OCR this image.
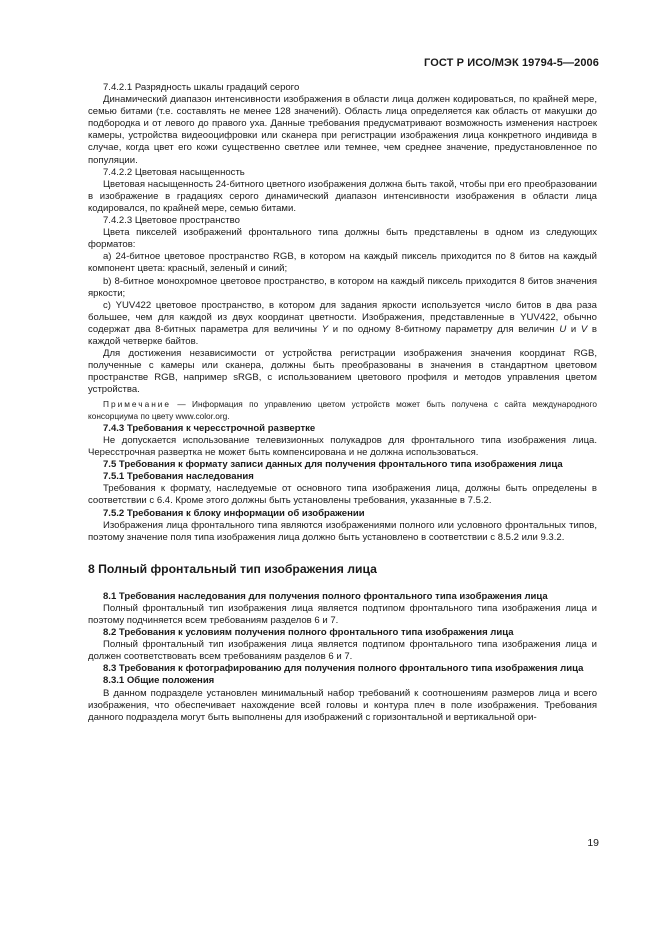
ГОСТ Р ИСО/МЭК 19794-5—2006

7.4.2.1 Разрядность шкалы градаций серого

Динамический диапазон интенсивности изображения в области лица должен кодироваться, по крайней мере, семью битами (т.е. составлять не менее 128 значений). Область лица определяется как область от макушки до подбородка и от левого до правого уха. Данные требования предусматривают возможность изменения настроек камеры, устройства видеооцифровки или сканера при регистрации изображения лица конкретного индивида в случае, когда цвет его кожи существенно светлее или темнее, чем среднее значение, предустановленное по популяции.

7.4.2.2 Цветовая насыщенность

Цветовая насыщенность 24-битного цветного изображения должна быть такой, чтобы при его преобразовании в изображение в градациях серого динамический диапазон интенсивности изображения в области лица кодировался, по крайней мере, семью битами.

7.4.2.3 Цветовое пространство

Цвета пикселей изображений фронтального типа должны быть представлены в одном из следующих форматов:

а) 24-битное цветовое пространство RGB, в котором на каждый пиксель приходится по 8 битов на каждый компонент цвета: красный, зеленый и синий;

b) 8-битное монохромное цветовое пространство, в котором на каждый пиксель приходится 8 битов значения яркости;

c) YUV422 цветовое пространство, в котором для задания яркости используется число битов в два раза большее, чем для каждой из двух координат цветности. Изображения, представленные в YUV422, обычно содержат два 8-битных параметра для величины Y и по одному 8-битному параметру для величин U и V в каждой четверке байтов.

Для достижения независимости от устройства регистрации изображения значения координат RGB, полученные с камеры или сканера, должны быть преобразованы в значения в стандартном цветовом пространстве RGB, например sRGB, с использованием цветового профиля и методов управления цветом устройства.

Примечание — Информация по управлению цветом устройств может быть получена с сайта международного консорциума по цвету www.color.org.

7.4.3 Требования к чересстрочной развертке

Не допускается использование телевизионных полукадров для фронтального типа изображения лица. Чересстрочная развертка не может быть компенсирована и не должна использоваться.

7.5 Требования к формату записи данных для получения фронтального типа изображения лица

7.5.1 Требования наследования

Требования к формату, наследуемые от основного типа изображения лица, должны быть определены в соответствии с 6.4. Кроме этого должны быть установлены требования, указанные в 7.5.2.

7.5.2 Требования к блоку информации об изображении

Изображения лица фронтального типа являются изображениями полного или условного фронтальных типов, поэтому значение поля типа изображения лица должно быть установлено в соответствии с 8.5.2 или 9.3.2.

8 Полный фронтальный тип изображения лица

8.1 Требования наследования для получения полного фронтального типа изображения лица

Полный фронтальный тип изображения лица является подтипом фронтального типа изображения лица и поэтому подчиняется всем требованиям разделов 6 и 7.

8.2 Требования к условиям получения полного фронтального типа изображения лица

Полный фронтальный тип изображения лица является подтипом фронтального типа изображения лица и должен соответствовать всем требованиям разделов 6 и 7.

8.3 Требования к фотографированию для получения полного фронтального типа изображения лица

8.3.1 Общие положения

В данном подразделе установлен минимальный набор требований к соотношениям размеров лица и всего изображения, что обеспечивает нахождение всей головы и контура плеч в поле изображения. Требования данного подраздела могут быть выполнены для изображений с горизонтальной и вертикальной ори-

19
